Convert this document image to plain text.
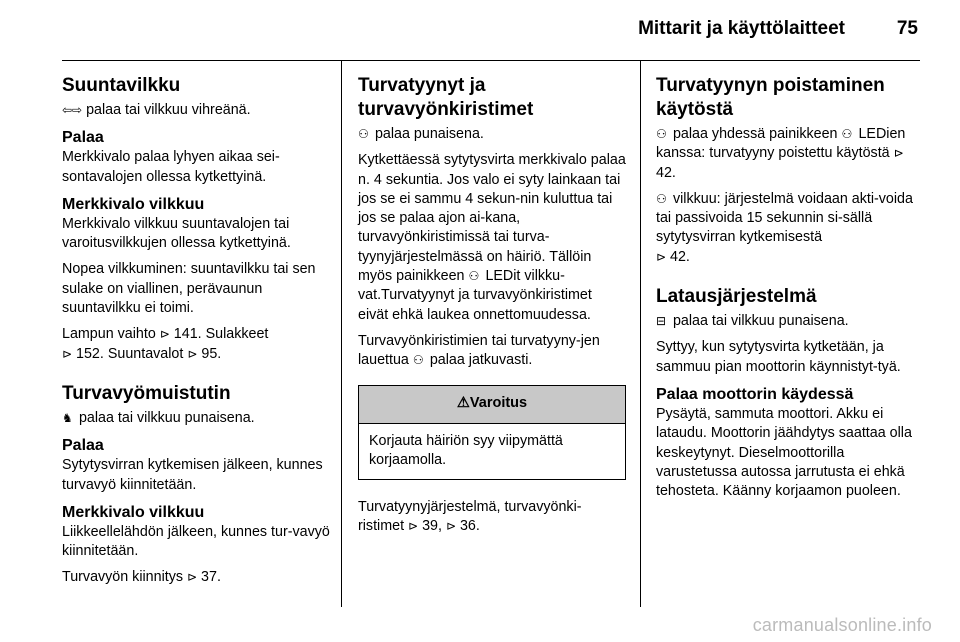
Mittarit ja käyttölaitteet	75
Suuntavilkku

⇦⇨ palaa tai vilkkuu vihreänä.

Palaa

Merkkivalo palaa lyhyen aikaa sei-sontavalojen ollessa kytkettyinä.

Merkkivalo vilkkuu

Merkkivalo vilkkuu suuntavalojen tai varoitusvilkkujen ollessa kytkettyinä.

Nopea vilkkuminen: suuntavilkku tai sen sulake on viallinen, perävaunun suuntavilkku ei toimi.

Lampun vaihto ⊳ 141. Sulakkeet
⊳ 152. Suuntavalot ⊳ 95.

Turvavyömuistutin

♞ palaa tai vilkkuu punaisena.

Palaa

Sytytysvirran kytkemisen jälkeen, kunnes turvavyö kiinnitetään.

Merkkivalo vilkkuu

Liikkeellelähdön jälkeen, kunnes tur-vavyö kiinnitetään.

Turvavyön kiinnitys ⊳ 37.

Turvatyynyt ja turvavyönkiristimet

⚇ palaa punaisena.

Kytkettäessä sytytysvirta merkkivalo palaa n. 4 sekuntia. Jos valo ei syty lainkaan tai jos se ei sammu 4 sekun-nin kuluttua tai jos se palaa ajon ai-kana, turvavyönkiristimissä tai turva-tyynyjärjestelmässä on häiriö. Tällöin myös painikkeen ⚇ LEDit vilkku-vat.Turvatyynyt ja turvavyönkiristimet eivät ehkä laukea onnettomuudessa.

Turvavyönkiristimien tai turvatyyny-jen lauettua ⚇ palaa jatkuvasti.

⚠ Varoitus
Korjauta häiriön syy viipymättä korjaamolla.

Turvatyynyjärjestelmä, turvavyönki-ristimet ⊳ 39, ⊳ 36.

Turvatyynyn poistaminen käytöstä

⚇ palaa yhdessä painikkeen ⚇ LEDien kanssa: turvatyyny poistettu käytöstä ⊳ 42.

⚇ vilkkuu: järjestelmä voidaan akti-voida tai passivoida 15 sekunnin si-sällä sytytysvirran kytkemisestä
⊳ 42.

Latausjärjestelmä

⊟ palaa tai vilkkuu punaisena.

Syttyy, kun sytytysvirta kytketään, ja sammuu pian moottorin käynnistyt-tyä.

Palaa moottorin käydessä

Pysäytä, sammuta moottori. Akku ei lataudu. Moottorin jäähdytys saattaa olla keskeytynyt. Dieselmoottorilla varustetussa autossa jarrutusta ei ehkä tehosteta. Käänny korjaamon puoleen.

carmanualsonline.info
